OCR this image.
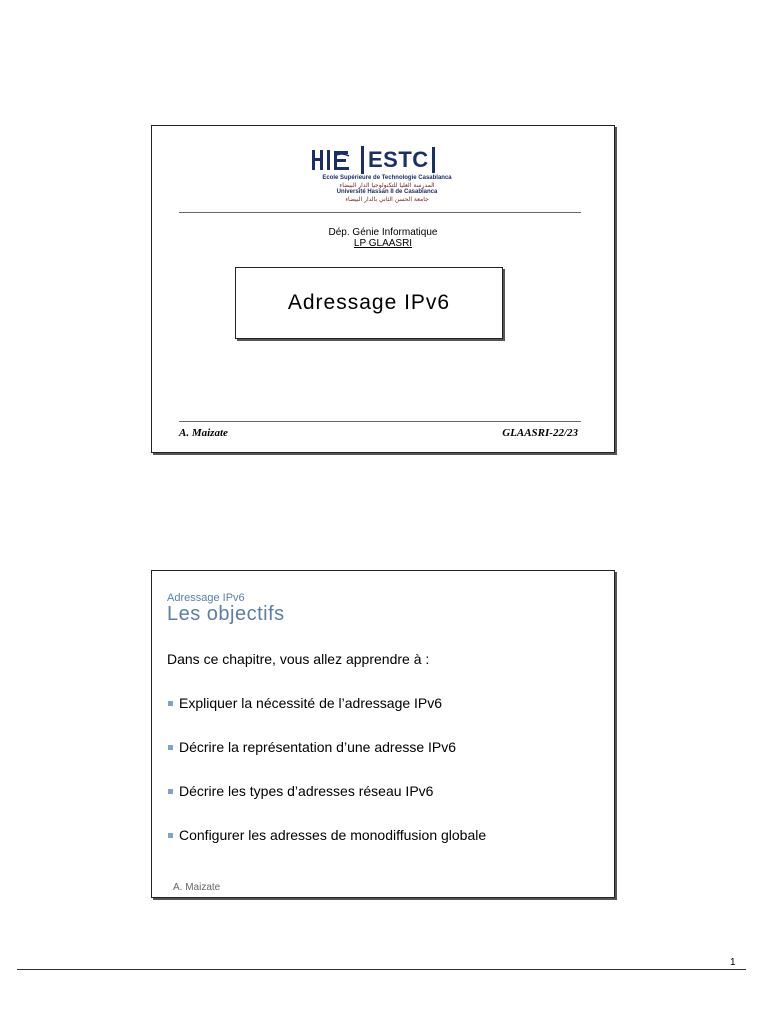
ESTC
Ecole Supérieure de Technologie Casablanca
المدرسة العليا للتكنولوجيا الدار البيضاء
Université Hassan II de Casablanca
جامعة الحسن الثاني بالدار البيضاء
Dép. Génie Informatique
LP GLAASRI
Adressage IPv6
A. Maizate	GLAASRI-22/23
Adressage IPv6
Les objectifs
Dans ce chapitre, vous allez apprendre à :
Expliquer la nécessité de l’adressage IPv6
Décrire la représentation d’une adresse IPv6
Décrire les types d’adresses réseau IPv6
Configurer les adresses de monodiffusion globale
A. Maizate
1
